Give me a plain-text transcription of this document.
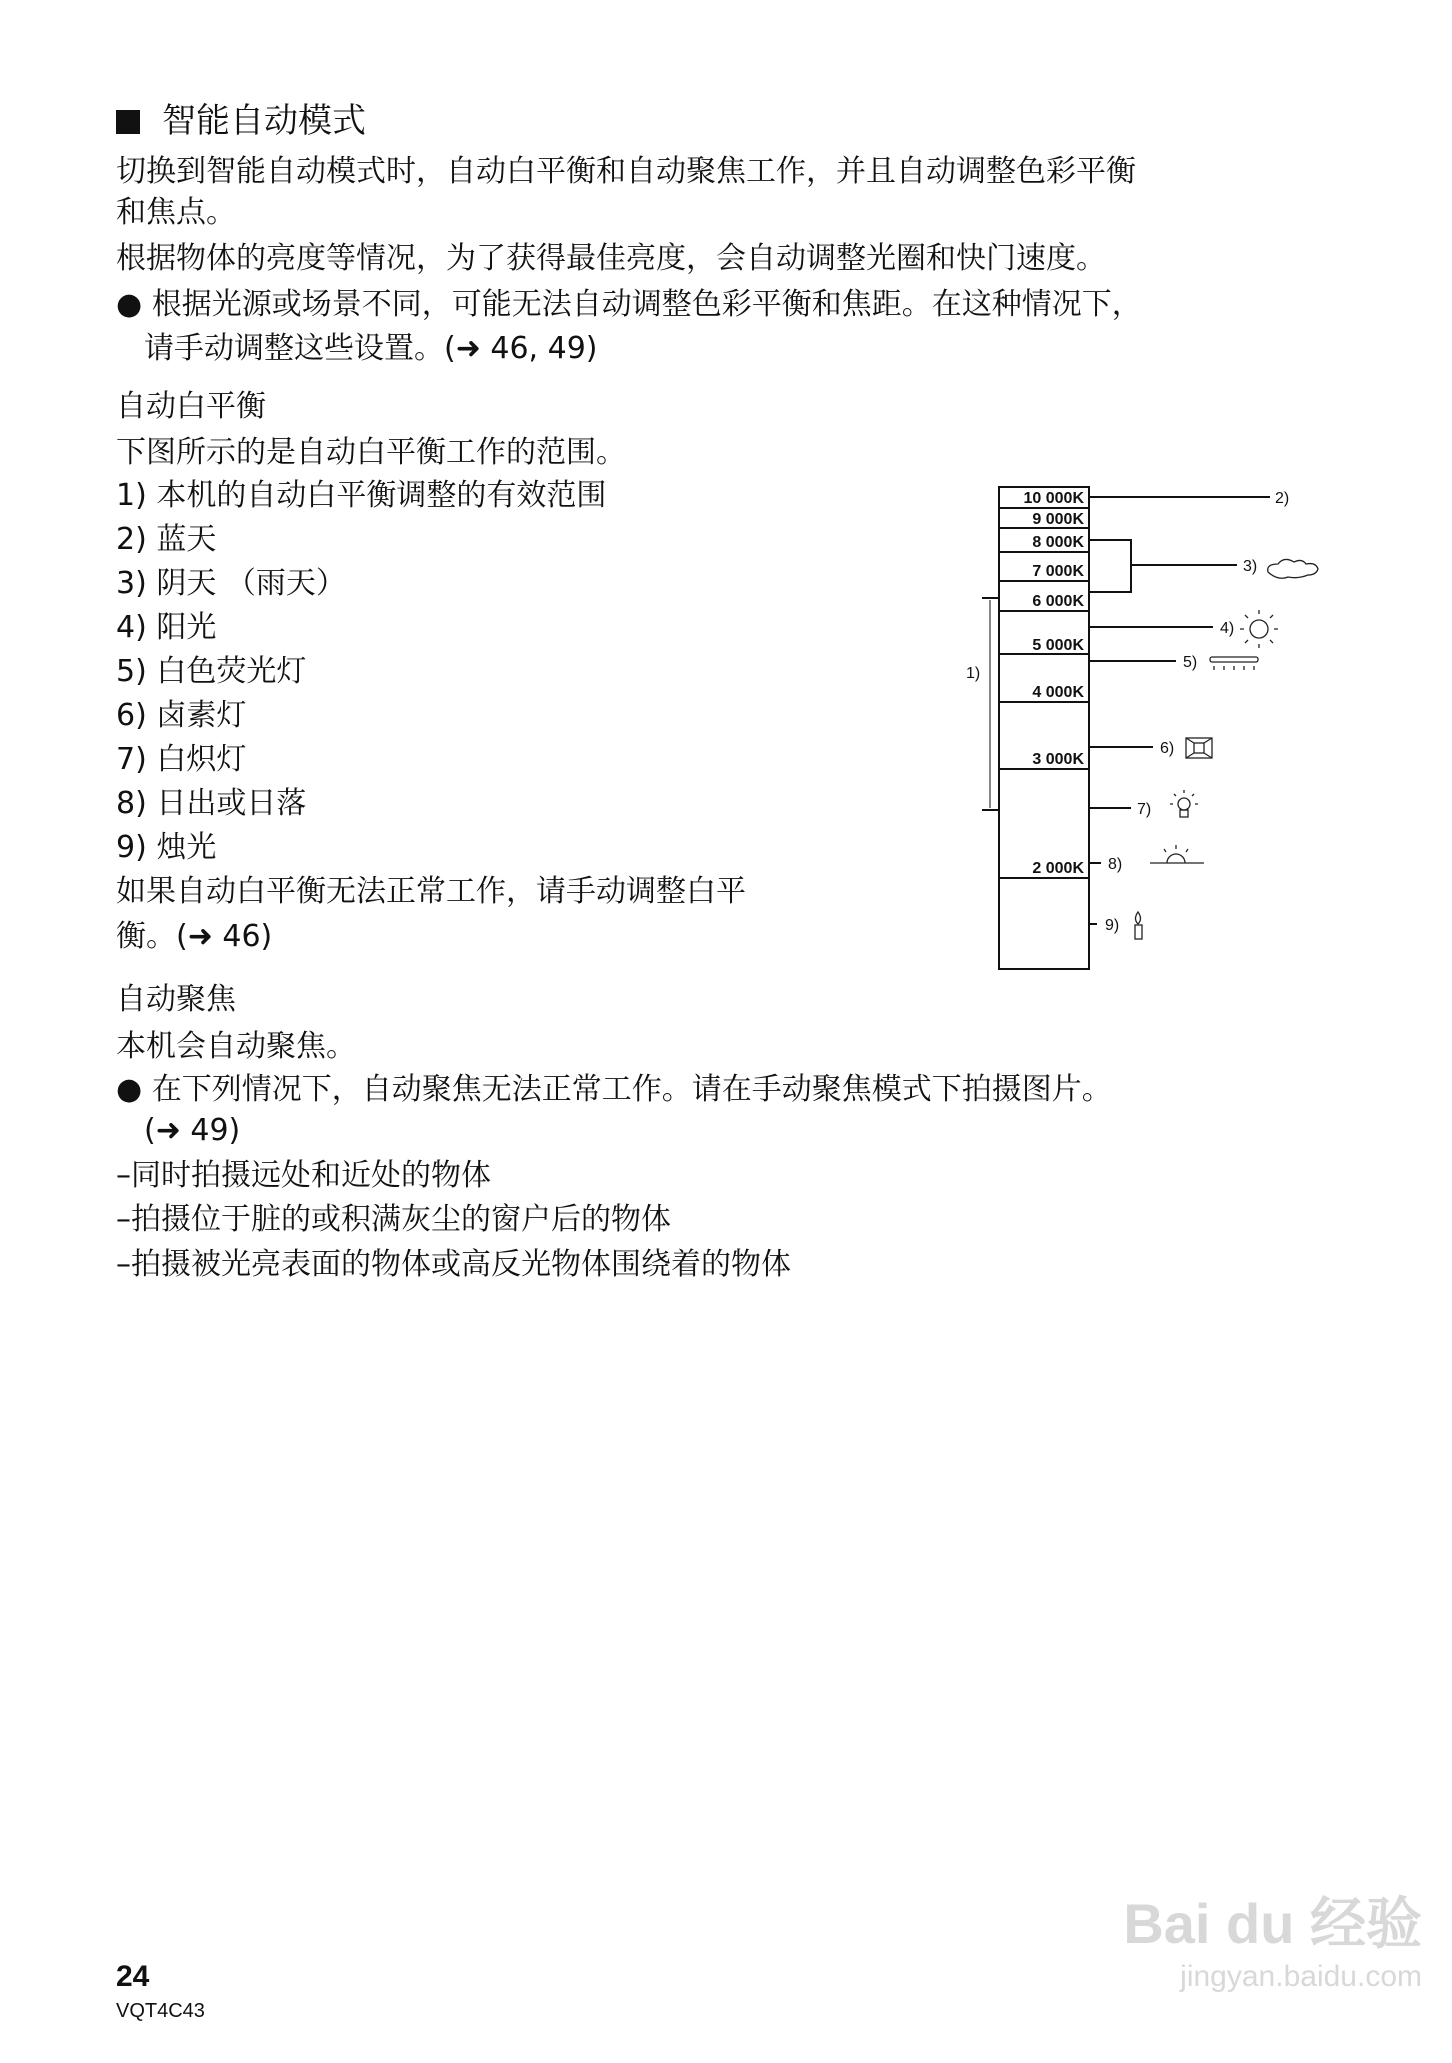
智能自动模式
切换到智能自动模式时，自动白平衡和自动聚焦工作，并且自动调整色彩平衡
和焦点。
根据物体的亮度等情况，为了获得最佳亮度，会自动调整光圈和快门速度。
● 根据光源或场景不同，可能无法自动调整色彩平衡和焦距。在这种情况下，
请手动调整这些设置。(➜ 46, 49)
自动白平衡
下图所示的是自动白平衡工作的范围。
1) 本机的自动白平衡调整的有效范围
2) 蓝天
3) 阴天 （雨天）
4) 阳光
5) 白色荧光灯
6) 卤素灯
7) 白炽灯
8) 日出或日落
9) 烛光
如果自动白平衡无法正常工作，请手动调整白平
衡。(➜ 46)
自动聚焦
本机会自动聚焦。
● 在下列情况下，自动聚焦无法正常工作。请在手动聚焦模式下拍摄图片。
(➜ 49)
–同时拍摄远处和近处的物体
–拍摄位于脏的或积满灰尘的窗户后的物体
–拍摄被光亮表面的物体或高反光物体围绕着的物体
10 000K
9 000K
8 000K
7 000K
6 000K
5 000K
4 000K
3 000K
2 000K
1)
2)
3)
4)
5)
6)
7)
8)
9)
24
VQT4C43
Bai du 经验
jingyan.baidu.com
